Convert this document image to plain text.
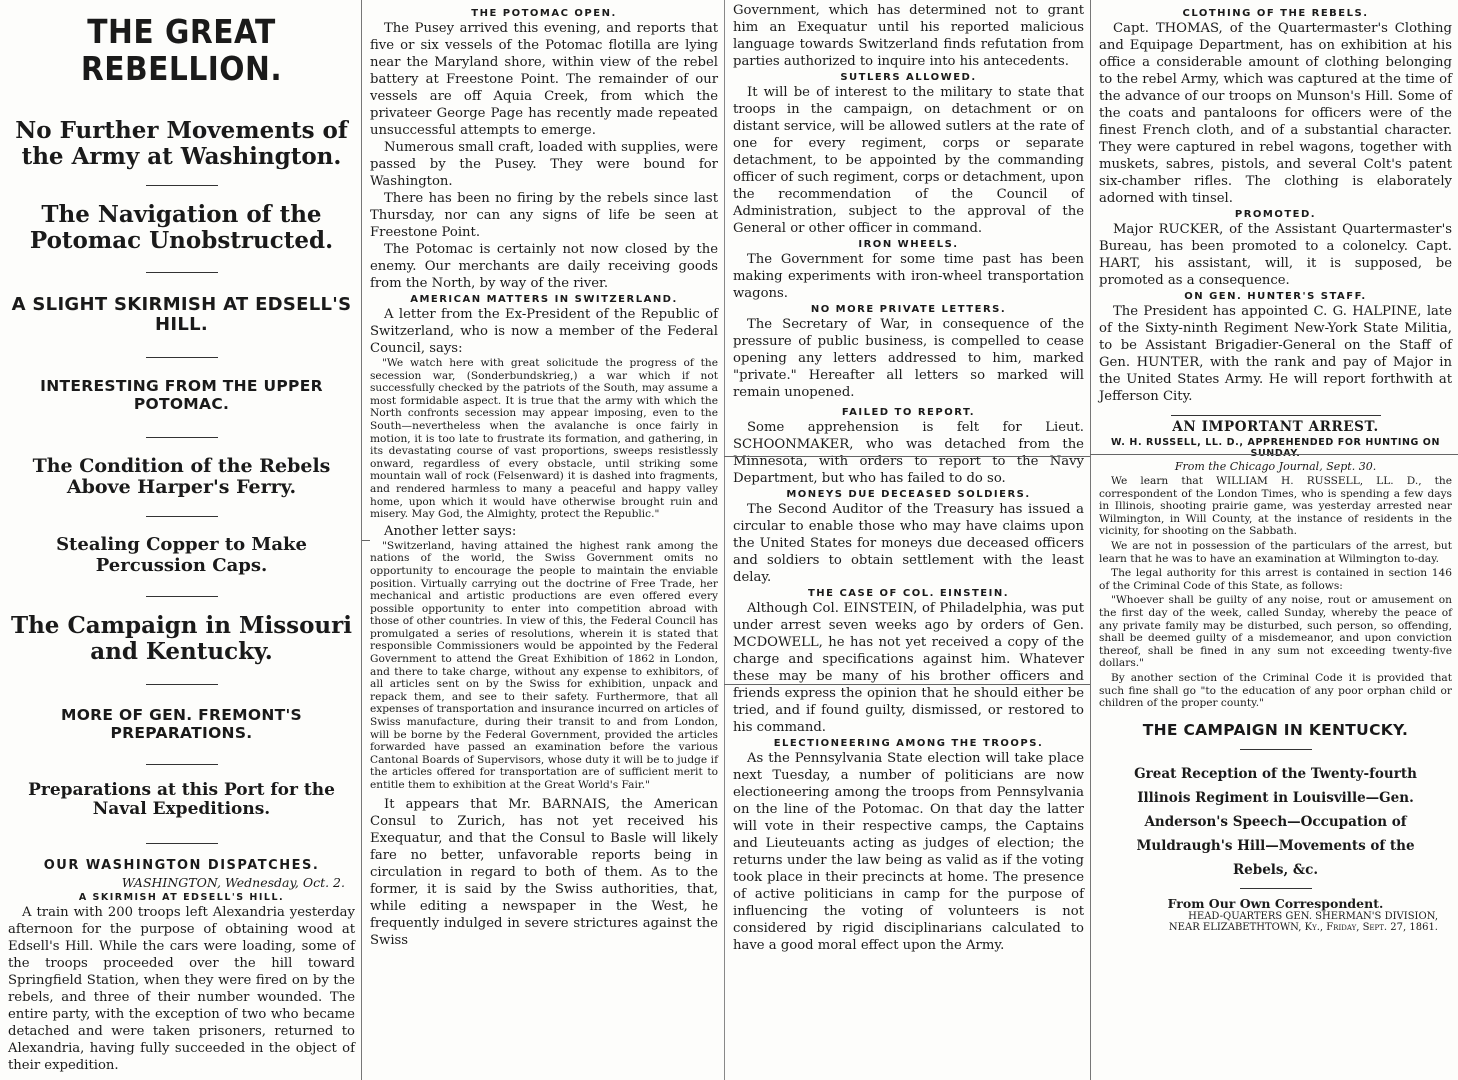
THE GREAT REBELLION.
No Further Movements of the Army at Washington.
The Navigation of the Potomac Unobstructed.
A SLIGHT SKIRMISH AT EDSELL'S HILL.
INTERESTING FROM THE UPPER POTOMAC.
The Condition of the Rebels Above Harper's Ferry.
Stealing Copper to Make Percussion Caps.
The Campaign in Missouri and Kentucky.
MORE OF GEN. FREMONT'S PREPARATIONS.
Preparations at this Port for the Naval Expeditions.
OUR WASHINGTON DISPATCHES.
WASHINGTON, Wednesday, Oct. 2.
A SKIRMISH AT EDSELL'S HILL.

A train with 200 troops left Alexandria yesterday afternoon for the purpose of obtaining wood at Edsell's Hill. While the cars were loading, some of the troops proceeded over the hill toward Springfield Station, when they were fired on by the rebels, and three of their number wounded. The entire party, with the exception of two who became detached and were taken prisoners, returned to Alexandria, having fully succeeded in the object of their expedition.

THE POTOMAC OPEN.

The Pusey arrived this evening, and reports that five or six vessels of the Potomac flotilla are lying near the Maryland shore, within view of the rebel battery at Freestone Point. The remainder of our vessels are off Aquia Creek, from which the privateer George Page has recently made repeated unsuccessful attempts to emerge.

Numerous small craft, loaded with supplies, were passed by the Pusey. They were bound for Washington.

There has been no firing by the rebels since last Thursday, nor can any signs of life be seen at Freestone Point.

The Potomac is certainly not now closed by the enemy. Our merchants are daily receiving goods from the North, by way of the river.

AMERICAN MATTERS IN SWITZERLAND.

A letter from the Ex-President of the Republic of Switzerland, who is now a member of the Federal Council, says:

"We watch here with great solicitude the progress of the secession war, (Sonderbundskrieg,) a war which if not successfully checked by the patriots of the South, may assume a most formidable aspect. It is true that the army with which the North confronts secession may appear imposing, even to the South—nevertheless when the avalanche is once fairly in motion, it is too late to frustrate its formation, and gathering, in its devastating course of vast proportions, sweeps resistlessly onward, regardless of every obstacle, until striking some mountain wall of rock (Felsenward) it is dashed into fragments, and rendered harmless to many a peaceful and happy valley home, upon which it would have otherwise brought ruin and misery. May God, the Almighty, protect the Republic."

Another letter says:

"Switzerland, having attained the highest rank among the nations of the world, the Swiss Government omits no opportunity to encourage the people to maintain the enviable position. Virtually carrying out the doctrine of Free Trade, her mechanical and artistic productions are even offered every possible opportunity to enter into competition abroad with those of other countries. In view of this, the Federal Council has promulgated a series of resolutions, wherein it is stated that responsible Commissioners would be appointed by the Federal Government to attend the Great Exhibition of 1862 in London, and there to take charge, without any expense to exhibitors, of all articles sent on by the Swiss for exhibition, unpack and repack them, and see to their safety. Furthermore, that all expenses of transportation and insurance incurred on articles of Swiss manufacture, during their transit to and from London, will be borne by the Federal Government, provided the articles forwarded have passed an examination before the various Cantonal Boards of Supervisors, whose duty it will be to judge if the articles offered for transportation are of sufficient merit to entitle them to exhibition at the Great World's Fair."

It appears that Mr. BARNAIS, the American Consul to Zurich, has not yet received his Exequatur, and that the Consul to Basle will likely fare no better, unfavorable reports being in circulation in regard to both of them. As to the former, it is said by the Swiss authorities, that, while editing a newspaper in the West, he frequently indulged in severe strictures against the Swiss

Government, which has determined not to grant him an Exequatur until his reported malicious language towards Switzerland finds refutation from parties authorized to inquire into his antecedents.

SUTLERS ALLOWED.

It will be of interest to the military to state that troops in the campaign, on detachment or on distant service, will be allowed sutlers at the rate of one for every regiment, corps or separate detachment, to be appointed by the commanding officer of such regiment, corps or detachment, upon the recommendation of the Council of Administration, subject to the approval of the General or other officer in command.

IRON WHEELS.

The Government for some time past has been making experiments with iron-wheel transportation wagons.

NO MORE PRIVATE LETTERS.

The Secretary of War, in consequence of the pressure of public business, is compelled to cease opening any letters addressed to him, marked "private." Hereafter all letters so marked will remain unopened.

FAILED TO REPORT.

Some apprehension is felt for Lieut. SCHOONMAKER, who was detached from the Minnesota, with orders to report to the Navy Department, but who has failed to do so.

MONEYS DUE DECEASED SOLDIERS.

The Second Auditor of the Treasury has issued a circular to enable those who may have claims upon the United States for moneys due deceased officers and soldiers to obtain settlement with the least delay.

THE CASE OF COL. EINSTEIN.

Although Col. EINSTEIN, of Philadelphia, was put under arrest seven weeks ago by orders of Gen. MCDOWELL, he has not yet received a copy of the charge and specifications against him. Whatever these may be many of his brother officers and friends express the opinion that he should either be tried, and if found guilty, dismissed, or restored to his command.

ELECTIONEERING AMONG THE TROOPS.

As the Pennsylvania State election will take place next Tuesday, a number of politicians are now electioneering among the troops from Pennsylvania on the line of the Potomac. On that day the latter will vote in their respective camps, the Captains and Lieuteuants acting as judges of election; the returns under the law being as valid as if the voting took place in their precincts at home. The presence of active politicians in camp for the purpose of influencing the voting of volunteers is not considered by rigid disciplinarians calculated to have a good moral effect upon the Army.

CLOTHING OF THE REBELS.

Capt. THOMAS, of the Quartermaster's Clothing and Equipage Department, has on exhibition at his office a considerable amount of clothing belonging to the rebel Army, which was captured at the time of the advance of our troops on Munson's Hill. Some of the coats and pantaloons for officers were of the finest French cloth, and of a substantial character. They were captured in rebel wagons, together with muskets, sabres, pistols, and several Colt's patent six-chamber rifles. The clothing is elaborately adorned with tinsel.

PROMOTED.

Major RUCKER, of the Assistant Quartermaster's Bureau, has been promoted to a colonelcy. Capt. HART, his assistant, will, it is supposed, be promoted as a consequence.

ON GEN. HUNTER'S STAFF.

The President has appointed C. G. HALPINE, late of the Sixty-ninth Regiment New-York State Militia, to be Assistant Brigadier-General on the Staff of Gen. HUNTER, with the rank and pay of Major in the United States Army. He will report forthwith at Jefferson City.

AN IMPORTANT ARREST.
W. H. RUSSELL, LL. D., APPREHENDED FOR HUNTING ON SUNDAY.
From the Chicago Journal, Sept. 30.

We learn that WILLIAM H. RUSSELL, LL. D., the correspondent of the London Times, who is spending a few days in Illinois, shooting prairie game, was yesterday arrested near Wilmington, in Will County, at the instance of residents in the vicinity, for shooting on the Sabbath.

We are not in possession of the particulars of the arrest, but learn that he was to have an examination at Wilmington to-day.

The legal authority for this arrest is contained in section 146 of the Criminal Code of this State, as follows:

"Whoever shall be guilty of any noise, rout or amusement on the first day of the week, called Sunday, whereby the peace of any private family may be disturbed, such person, so offending, shall be deemed guilty of a misdemeanor, and upon conviction thereof, shall be fined in any sum not exceeding twenty-five dollars."

By another section of the Criminal Code it is provided that such fine shall go "to the education of any poor orphan child or children of the proper county."

THE CAMPAIGN IN KENTUCKY.
Great Reception of the Twenty-fourth Illinois Regiment in Louisville—Gen. Anderson's Speech—Occupation of Muldraugh's Hill—Movements of the Rebels, &c.
From Our Own Correspondent.
HEAD-QUARTERS GEN. SHERMAN'S DIVISION,
NEAR ELIZABETHTOWN, Ky., Friday, Sept. 27, 1861.
